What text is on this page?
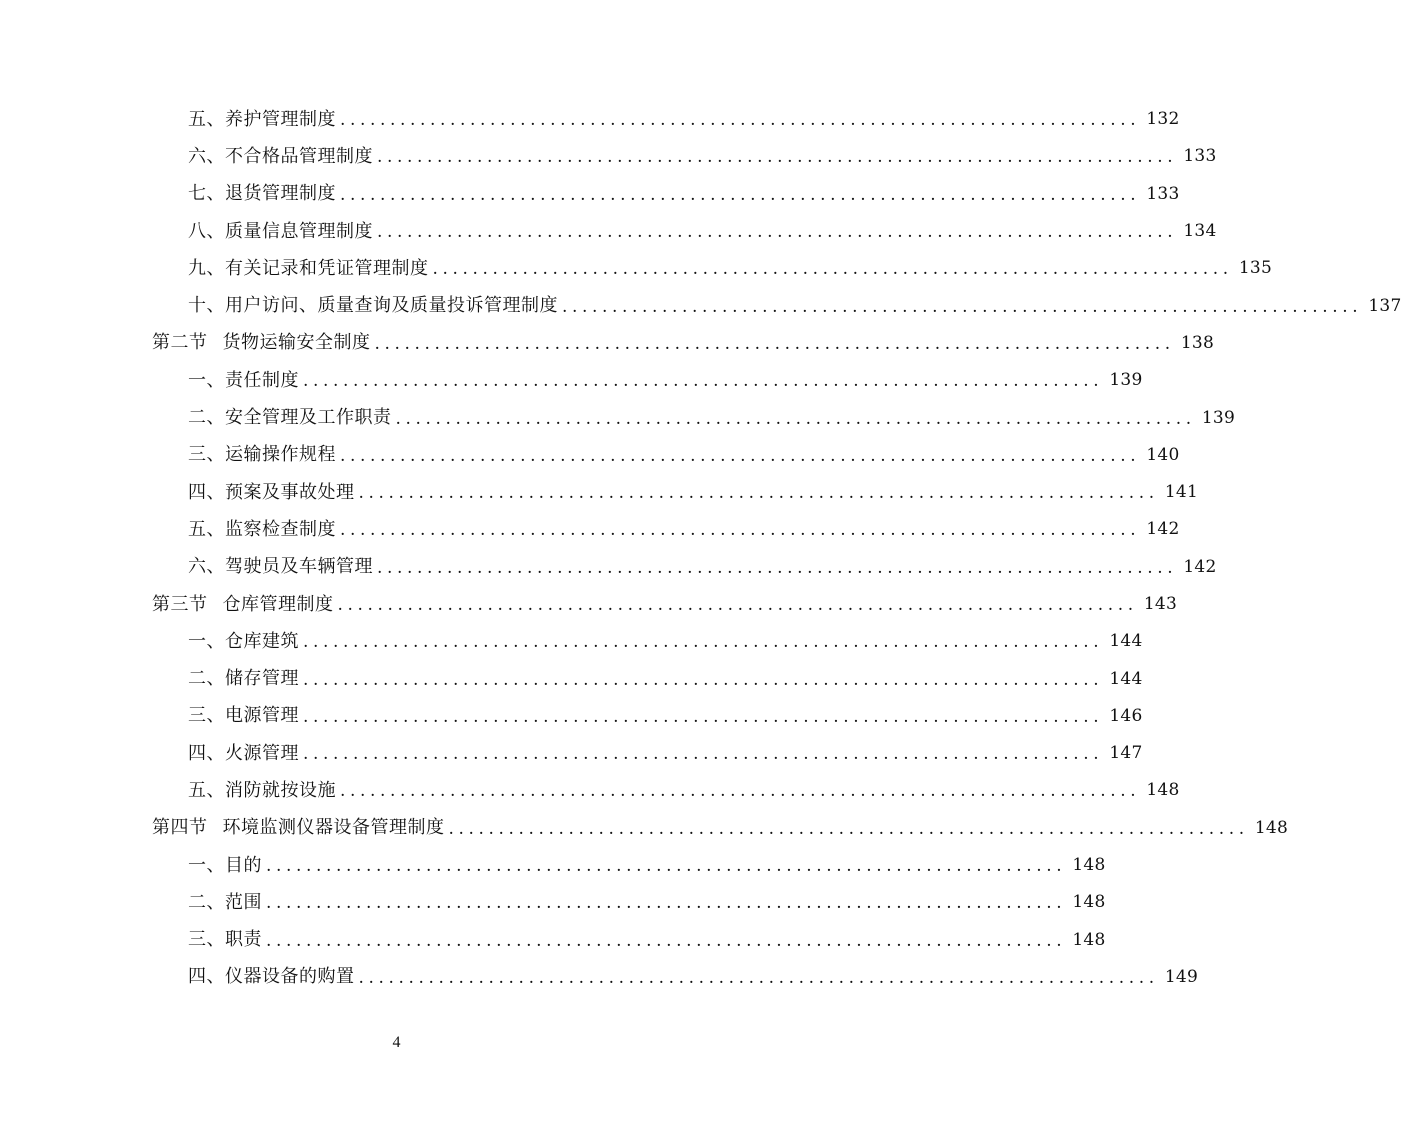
五、养护管理制度 ................................................................................ 132
六、不合格品管理制度 ................................................................................ 133
七、退货管理制度 ................................................................................ 133
八、质量信息管理制度 ................................................................................ 134
九、有关记录和凭证管理制度 ................................................................................ 135
十、用户访问、质量查询及质量投诉管理制度 ................................................................................ 137
第二节 货物运输安全制度 ................................................................................ 138
一、责任制度 ................................................................................ 139
二、安全管理及工作职责 ................................................................................ 139
三、运输操作规程 ................................................................................ 140
四、预案及事故处理 ................................................................................ 141
五、监察检查制度 ................................................................................ 142
六、驾驶员及车辆管理 ................................................................................ 142
第三节 仓库管理制度 ................................................................................ 143
一、仓库建筑 ................................................................................ 144
二、储存管理 ................................................................................ 144
三、电源管理 ................................................................................ 146
四、火源管理 ................................................................................ 147
五、消防就按设施 ................................................................................ 148
第四节 环境监测仪器设备管理制度 ................................................................................ 148
一、目的 ................................................................................ 148
二、范围 ................................................................................ 148
三、职责 ................................................................................ 148
四、仪器设备的购置 ................................................................................ 149
4
